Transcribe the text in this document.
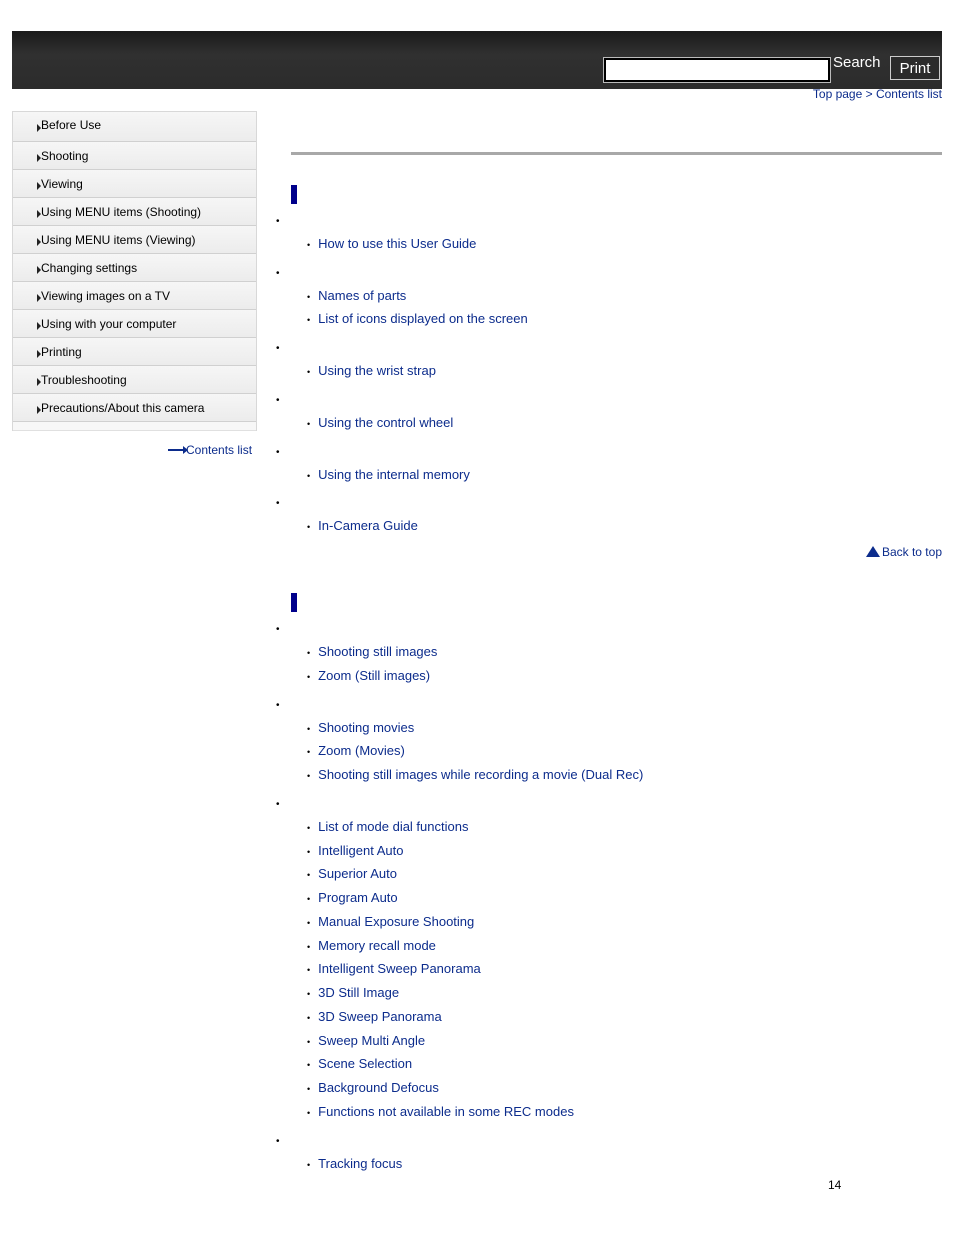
Search	Print
Top page > Contents list
Before Use
Shooting
Viewing
Using MENU items (Shooting)
Using MENU items (Viewing)
Changing settings
Viewing images on a TV
Using with your computer
Printing
Troubleshooting
Precautions/About this camera
Contents list
•
• How to use this User Guide
•
• Names of parts
• List of icons displayed on the screen
•
• Using the wrist strap
•
• Using the control wheel
•
• Using the internal memory
•
• In-Camera Guide
Back to top
•
• Shooting still images
• Zoom (Still images)
•
• Shooting movies
• Zoom (Movies)
• Shooting still images while recording a movie (Dual Rec)
•
• List of mode dial functions
• Intelligent Auto
• Superior Auto
• Program Auto
• Manual Exposure Shooting
• Memory recall mode
• Intelligent Sweep Panorama
• 3D Still Image
• 3D Sweep Panorama
• Sweep Multi Angle
• Scene Selection
• Background Defocus
• Functions not available in some REC modes
•
• Tracking focus
14
